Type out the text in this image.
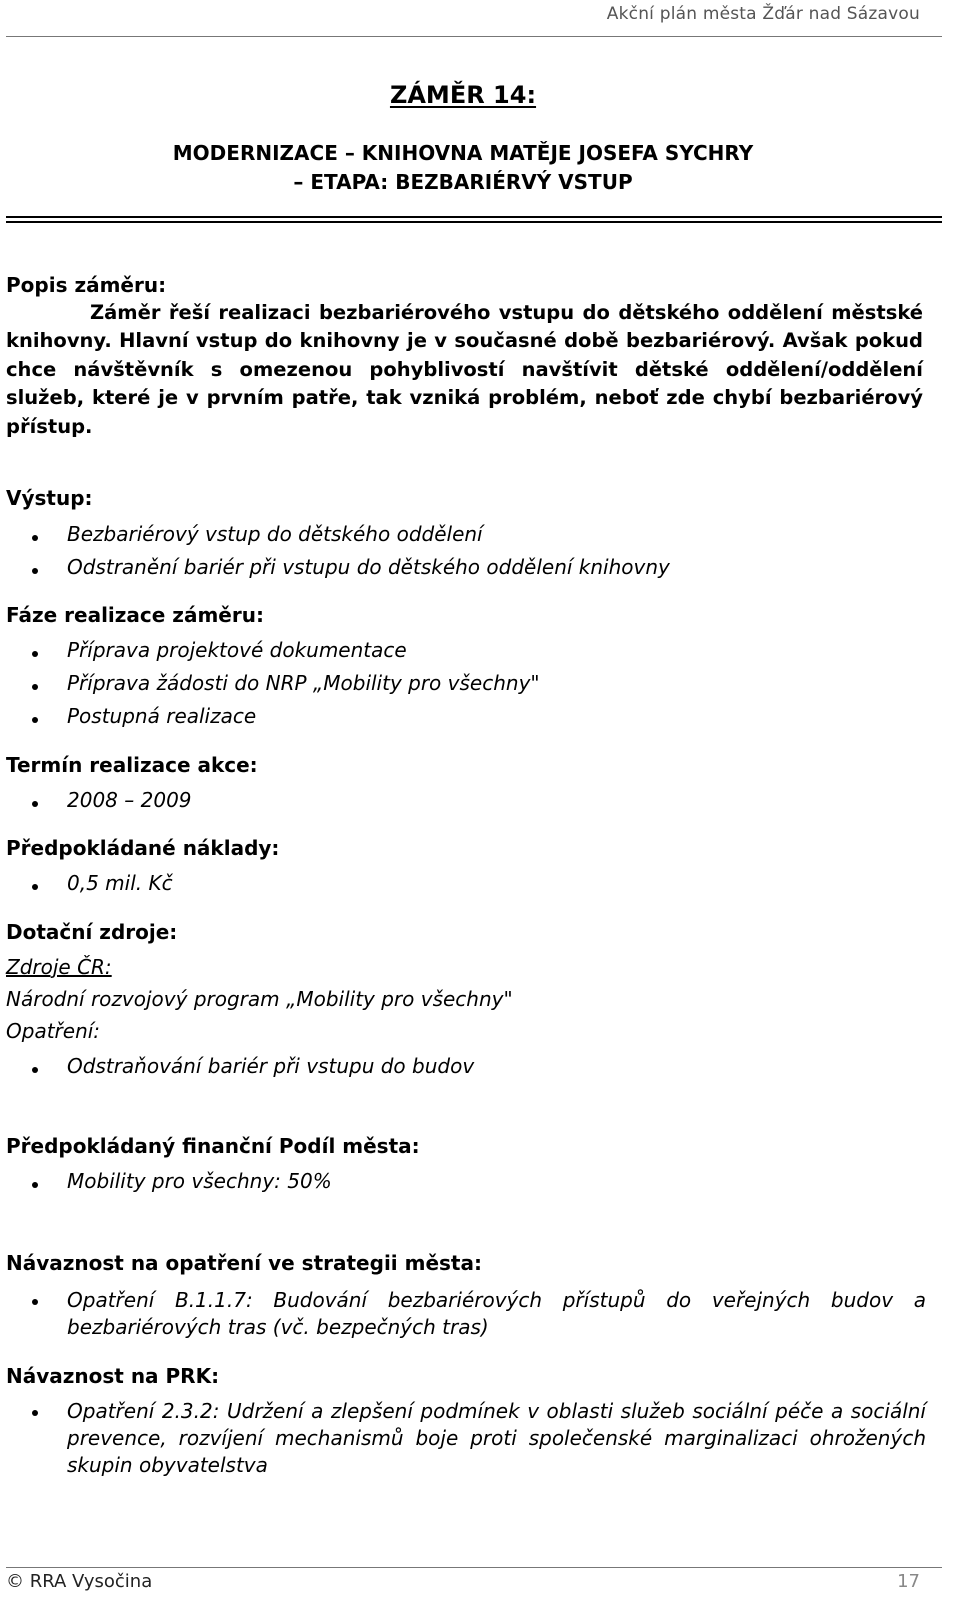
Akční plán města Žďár nad Sázavou
ZÁMĚR 14:
MODERNIZACE – KNIHOVNA MATĚJE JOSEFA SYCHRY
– ETAPA: BEZBARIÉRVÝ VSTUP
Popis záměru:
Záměr řeší realizaci bezbariérového vstupu do dětského oddělení městské knihovny. Hlavní vstup do knihovny je v současné době bezbariérový. Avšak pokud chce návštěvník s omezenou pohyblivostí navštívit dětské oddělení/oddělení služeb, které je v prvním patře, tak vzniká problém, neboť zde chybí bezbariérový přístup.
Výstup:
Bezbariérový vstup do dětského oddělení
Odstranění bariér při vstupu do dětského oddělení knihovny
Fáze realizace záměru:
Příprava projektové dokumentace
Příprava žádosti do NRP „Mobility pro všechny"
Postupná realizace
Termín realizace akce:
2008 – 2009
Předpokládané náklady:
0,5 mil. Kč
Dotační zdroje:
Zdroje ČR:
Národní rozvojový program „Mobility pro všechny"
Opatření:
Odstraňování bariér při vstupu do budov
Předpokládaný finanční Podíl města:
Mobility pro všechny: 50%
Návaznost na opatření ve strategii města:
Opatření B.1.1.7: Budování bezbariérových přístupů do veřejných budov a bezbariérových tras (vč. bezpečných tras)
Návaznost na PRK:
Opatření 2.3.2: Udržení a zlepšení podmínek v oblasti služeb sociální péče a sociální prevence, rozvíjení mechanismů boje proti společenské marginalizaci ohrožených skupin obyvatelstva
© RRA Vysočina	17
